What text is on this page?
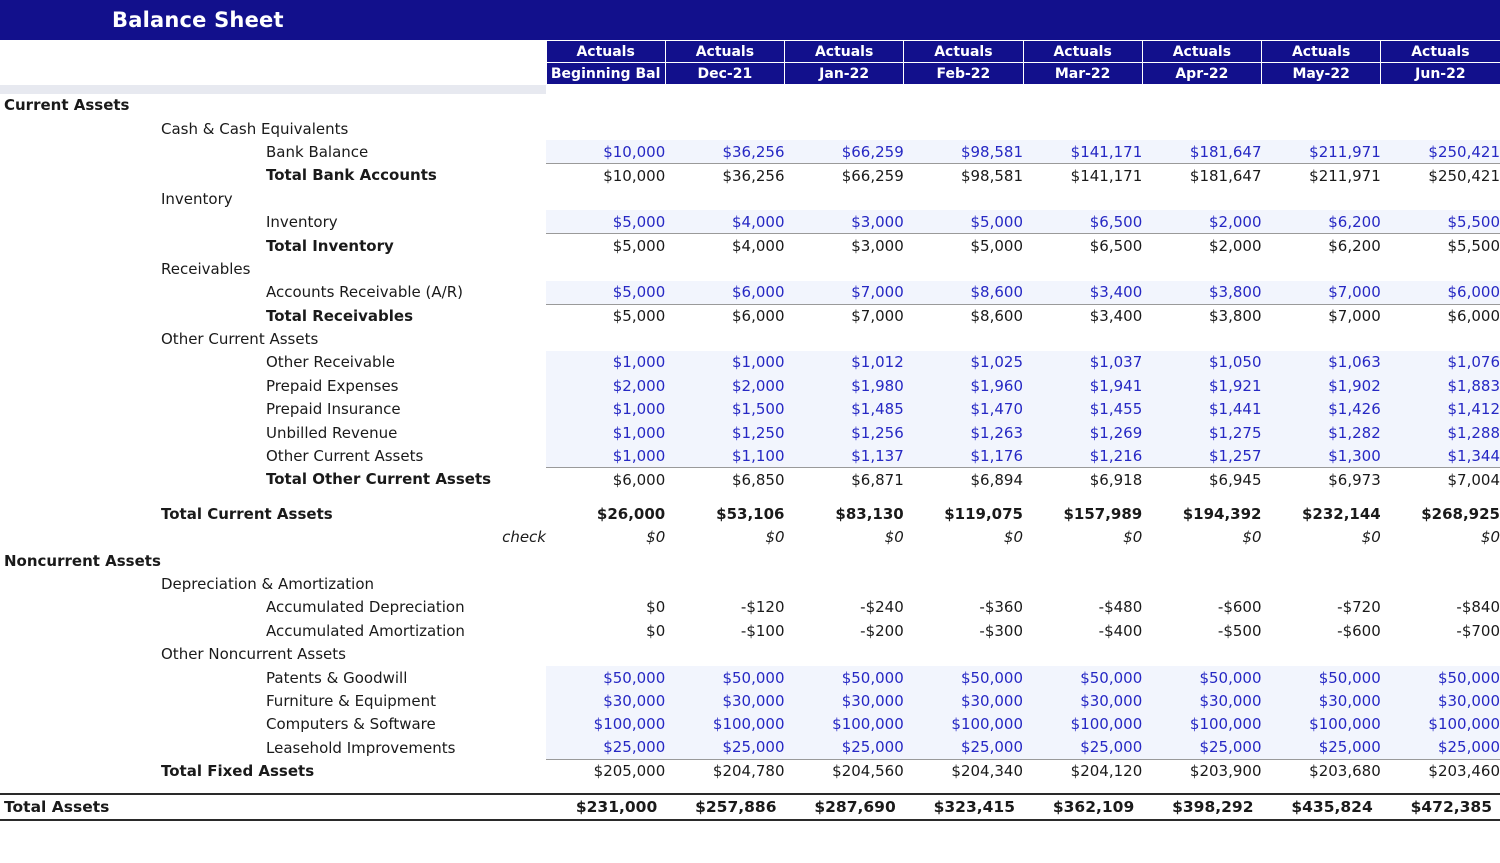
Balance Sheet
	Actuals	Actuals	Actuals	Actuals	Actuals	Actuals	Actuals	Actuals
	Beginning Bal	Dec-21	Jan-22	Feb-22	Mar-22	Apr-22	May-22	Jun-22

Current Assets								
Cash & Cash Equivalents								
Bank Balance	$10,000	$36,256	$66,259	$98,581	$141,171	$181,647	$211,971	$250,421
Total Bank Accounts	$10,000	$36,256	$66,259	$98,581	$141,171	$181,647	$211,971	$250,421
Inventory								
Inventory	$5,000	$4,000	$3,000	$5,000	$6,500	$2,000	$6,200	$5,500
Total Inventory	$5,000	$4,000	$3,000	$5,000	$6,500	$2,000	$6,200	$5,500
Receivables								
Accounts Receivable (A/R)	$5,000	$6,000	$7,000	$8,600	$3,400	$3,800	$7,000	$6,000
Total Receivables	$5,000	$6,000	$7,000	$8,600	$3,400	$3,800	$7,000	$6,000
Other Current Assets								
Other Receivable	$1,000	$1,000	$1,012	$1,025	$1,037	$1,050	$1,063	$1,076
Prepaid Expenses	$2,000	$2,000	$1,980	$1,960	$1,941	$1,921	$1,902	$1,883
Prepaid Insurance	$1,000	$1,500	$1,485	$1,470	$1,455	$1,441	$1,426	$1,412
Unbilled Revenue	$1,000	$1,250	$1,256	$1,263	$1,269	$1,275	$1,282	$1,288
Other Current Assets	$1,000	$1,100	$1,137	$1,176	$1,216	$1,257	$1,300	$1,344
Total Other Current Assets	$6,000	$6,850	$6,871	$6,894	$6,918	$6,945	$6,973	$7,004

Total Current Assets	$26,000	$53,106	$83,130	$119,075	$157,989	$194,392	$232,144	$268,925
check	$0	$0	$0	$0	$0	$0	$0	$0
Noncurrent Assets								
Depreciation & Amortization								
Accumulated Depreciation	$0	-$120	-$240	-$360	-$480	-$600	-$720	-$840
Accumulated Amortization	$0	-$100	-$200	-$300	-$400	-$500	-$600	-$700
Other Noncurrent Assets								
Patents & Goodwill	$50,000	$50,000	$50,000	$50,000	$50,000	$50,000	$50,000	$50,000
Furniture & Equipment	$30,000	$30,000	$30,000	$30,000	$30,000	$30,000	$30,000	$30,000
Computers & Software	$100,000	$100,000	$100,000	$100,000	$100,000	$100,000	$100,000	$100,000
Leasehold Improvements	$25,000	$25,000	$25,000	$25,000	$25,000	$25,000	$25,000	$25,000
Total Fixed Assets	$205,000	$204,780	$204,560	$204,340	$204,120	$203,900	$203,680	$203,460

Total Assets	$231,000	$257,886	$287,690	$323,415	$362,109	$398,292	$435,824	$472,385
